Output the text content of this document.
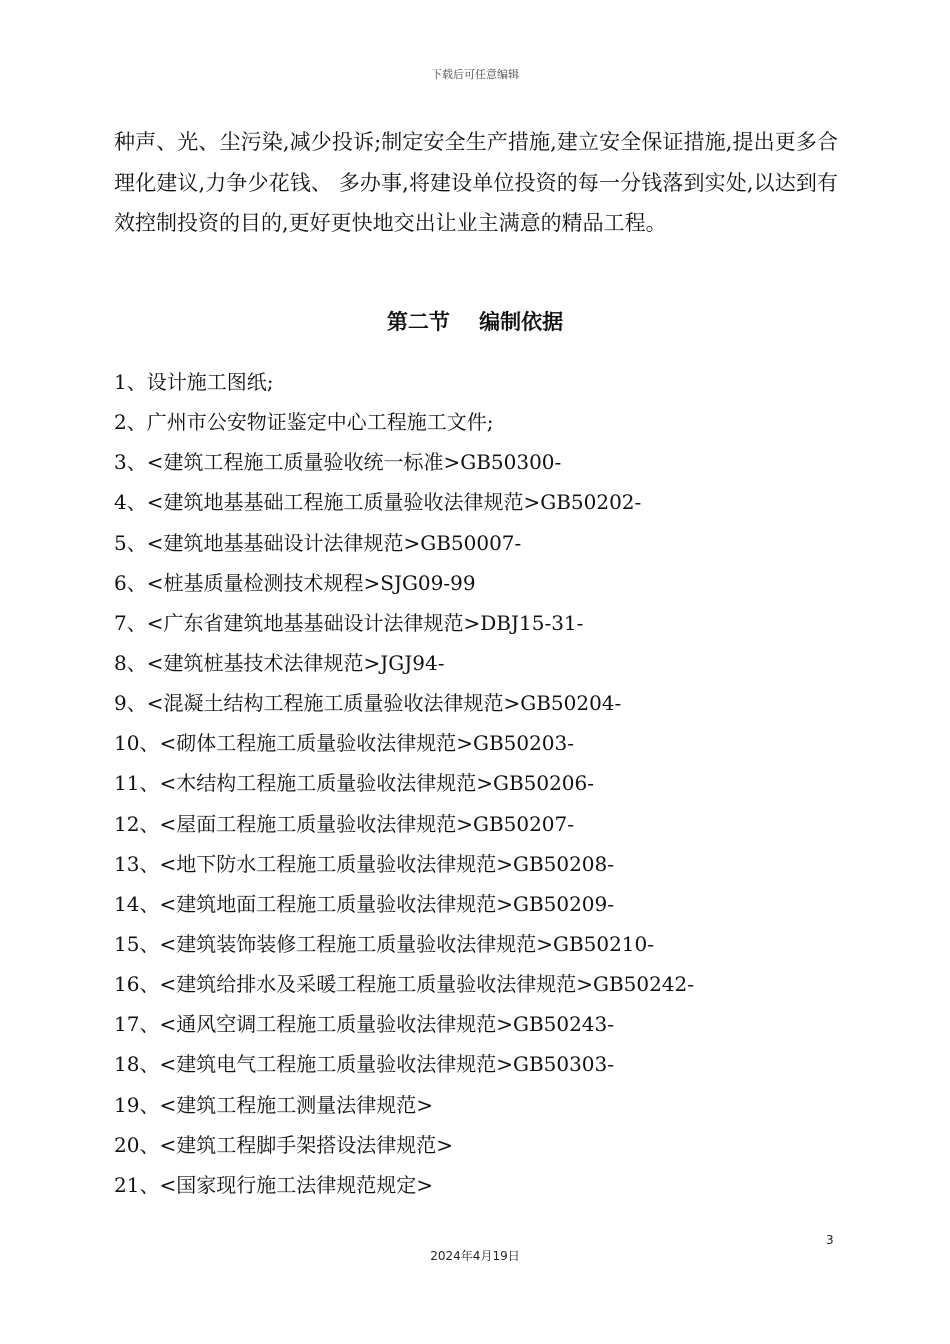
下载后可任意编辑

种声、光、尘污染,减少投诉;制定安全生产措施,建立安全保证措施,提出更多合理化建议,力争少花钱、 多办事,将建设单位投资的每一分钱落到实处,以达到有效控制投资的目的,更好更快地交出让业主满意的精品工程。

第二节    编制依据
1、设计施工图纸;
2、广州市公安物证鉴定中心工程施工文件;
3、<建筑工程施工质量验收统一标准>GB50300-
4、<建筑地基基础工程施工质量验收法律规范>GB50202-
5、<建筑地基基础设计法律规范>GB50007-
6、<桩基质量检测技术规程>SJG09-99
7、<广东省建筑地基基础设计法律规范>DBJ15-31-
8、<建筑桩基技术法律规范>JGJ94-
9、<混凝土结构工程施工质量验收法律规范>GB50204-
10、<砌体工程施工质量验收法律规范>GB50203-
11、<木结构工程施工质量验收法律规范>GB50206-
12、<屋面工程施工质量验收法律规范>GB50207-
13、<地下防水工程施工质量验收法律规范>GB50208-
14、<建筑地面工程施工质量验收法律规范>GB50209-
15、<建筑装饰装修工程施工质量验收法律规范>GB50210-
16、<建筑给排水及采暖工程施工质量验收法律规范>GB50242-
17、<通风空调工程施工质量验收法律规范>GB50243-
18、<建筑电气工程施工质量验收法律规范>GB50303-
19、<建筑工程施工测量法律规范>
20、<建筑工程脚手架搭设法律规范>
21、<国家现行施工法律规范规定>
3
2024年4月19日
